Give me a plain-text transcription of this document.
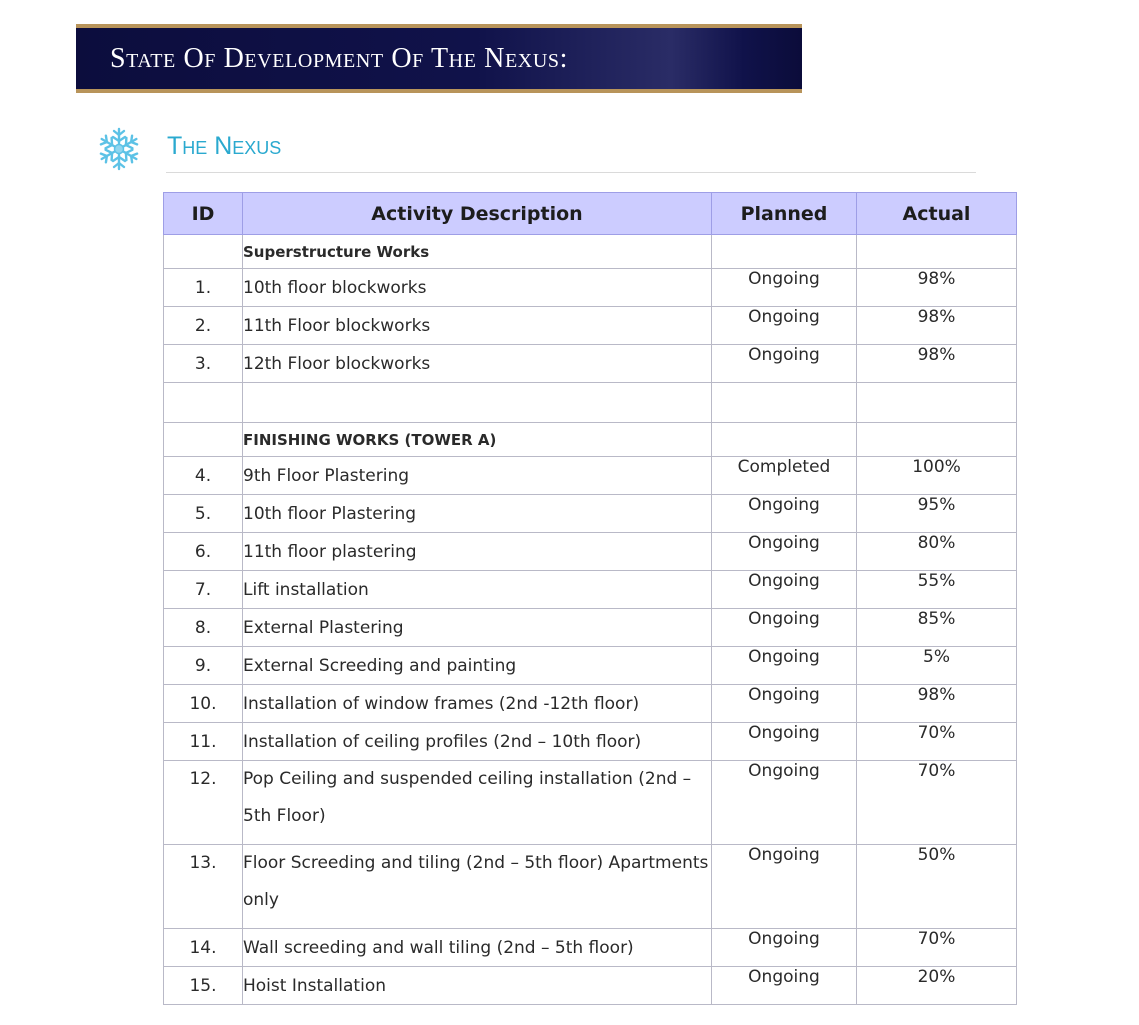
State Of Development Of The Nexus:
The Nexus
ID	Activity Description	Planned	Actual
	Superstructure Works		
1.	10th floor blockworks	Ongoing	98%
2.	11th Floor blockworks	Ongoing	98%
3.	12th Floor blockworks	Ongoing	98%

	FINISHING WORKS (TOWER A)		
4.	9th Floor Plastering	Completed	100%
5.	10th floor Plastering	Ongoing	95%
6.	11th floor plastering	Ongoing	80%
7.	Lift installation	Ongoing	55%
8.	External Plastering	Ongoing	85%
9.	External Screeding and painting	Ongoing	5%
10.	Installation of window frames (2nd -12th floor)	Ongoing	98%
11.	Installation of ceiling profiles (2nd – 10th floor)	Ongoing	70%
12.	Pop Ceiling and suspended ceiling installation (2nd – 5th Floor)	Ongoing	70%
13.	Floor Screeding and tiling (2nd – 5th floor) Apartments only	Ongoing	50%
14.	Wall screeding and wall tiling (2nd – 5th floor)	Ongoing	70%
15.	Hoist Installation	Ongoing	20%
